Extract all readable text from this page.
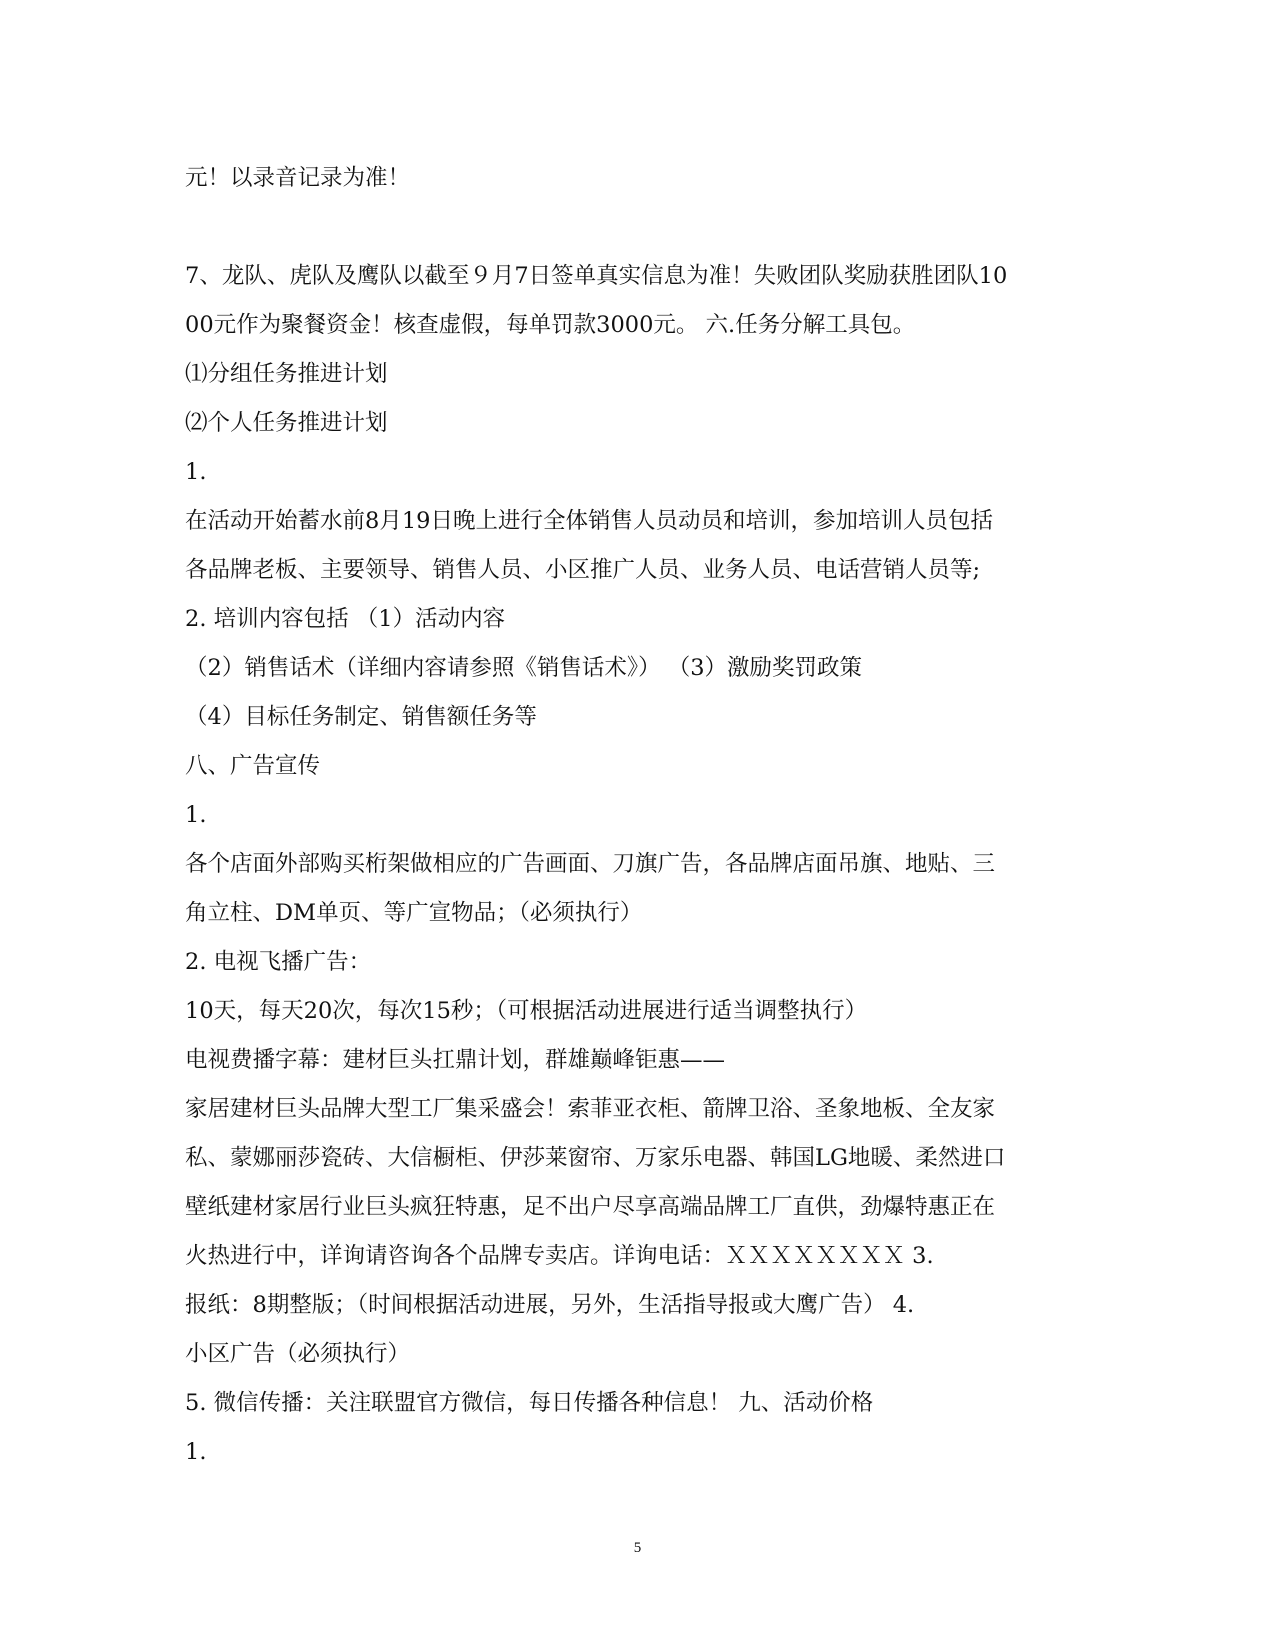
元！以录音记录为准！
7、龙队、虎队及鹰队以截至９月7日签单真实信息为准！失败团队奖励获胜团队10
00元作为聚餐资金！核查虚假，每单罚款3000元。 六.任务分解工具包。
⑴分组任务推进计划
⑵个人任务推进计划
1.
在活动开始蓄水前8月19日晚上进行全体销售人员动员和培训，参加培训人员包括
各品牌老板、主要领导、销售人员、小区推广人员、业务人员、电话营销人员等;
2. 培训内容包括 （1）活动内容
（2）销售话术（详细内容请参照《销售话术》） （3）激励奖罚政策
（4）目标任务制定、销售额任务等
八、广告宣传
1.
各个店面外部购买桁架做相应的广告画面、刀旗广告，各品牌店面吊旗、地贴、三
角立柱、DM单页、等广宣物品；（必须执行）
2. 电视飞播广告：
10天，每天20次，每次15秒；（可根据活动进展进行适当调整执行）
电视费播字幕：建材巨头扛鼎计划，群雄巅峰钜惠——
家居建材巨头品牌大型工厂集采盛会！索菲亚衣柜、箭牌卫浴、圣象地板、全友家
私、蒙娜丽莎瓷砖、大信橱柜、伊莎莱窗帘、万家乐电器、韩国LG地暖、柔然进口
壁纸建材家居行业巨头疯狂特惠，足不出户尽享高端品牌工厂直供，劲爆特惠正在
火热进行中，详询请咨询各个品牌专卖店。详询电话：ＸＸＸＸＸＸＸＸ 3.
报纸：8期整版；（时间根据活动进展，另外，生活指导报或大鹰广告） 4.
小区广告（必须执行）
5. 微信传播：关注联盟官方微信，每日传播各种信息！ 九、活动价格
1.
5
